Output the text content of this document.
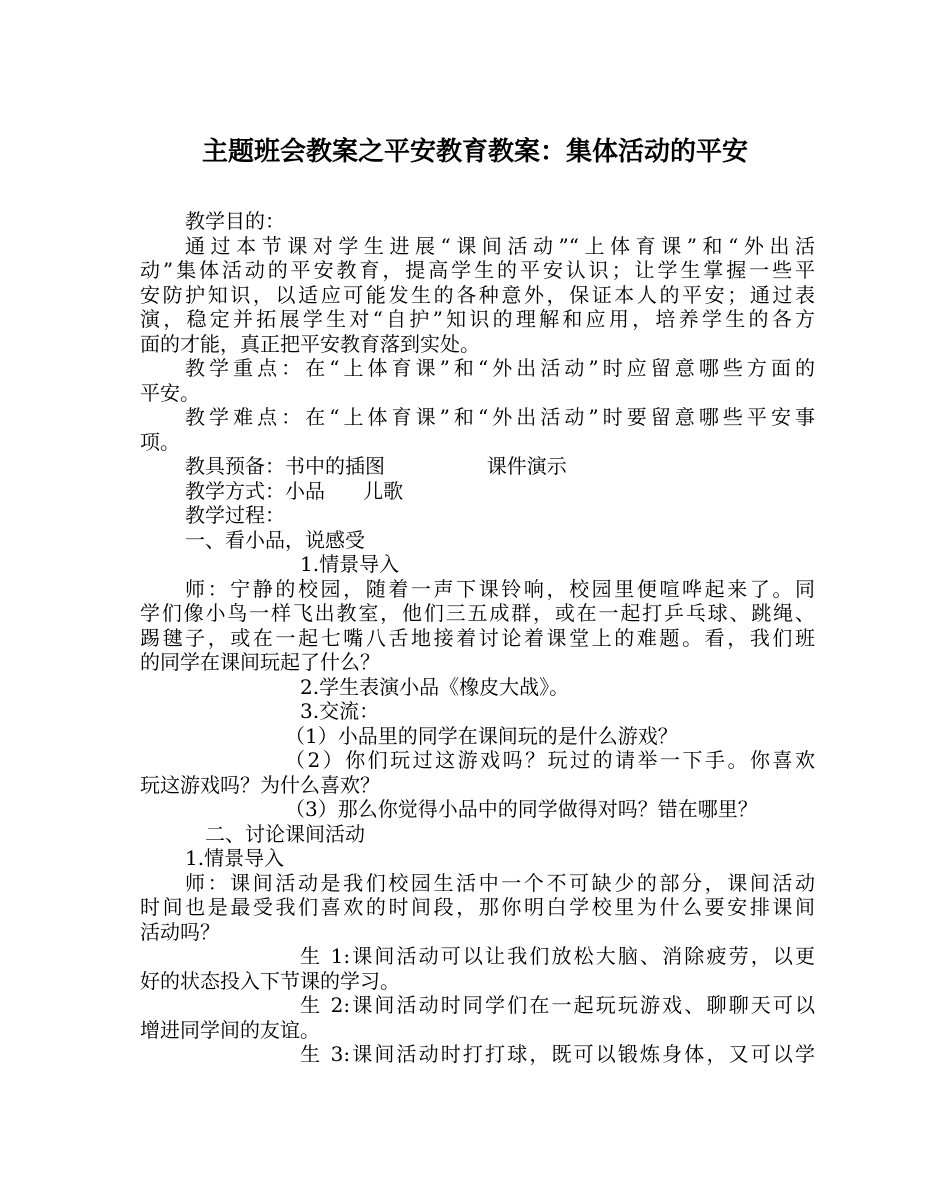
主题班会教案之平安教育教案：集体活动的平安
教学目的：
通过本节课对学生进展“课间活动”“上体育课”和“外出活
动”集体活动的平安教育，提高学生的平安认识；让学生掌握一些平
安防护知识，以适应可能发生的各种意外，保证本人的平安；通过表
演，稳定并拓展学生对“自护”知识的理解和应用，培养学生的各方
面的才能，真正把平安教育落到实处。
教学重点：在“上体育课”和“外出活动”时应留意哪些方面的
平安。
教学难点：在“上体育课”和“外出活动”时要留意哪些平安事
项。
教具预备：书中的插图                课件演示
教学方式：小品      儿歌
教学过程：
一、看小品，说感受
1.情景导入
师：宁静的校园，随着一声下课铃响，校园里便喧哗起来了。同
学们像小鸟一样飞出教室，他们三五成群，或在一起打乒乓球、跳绳、
踢毽子，或在一起七嘴八舌地接着讨论着课堂上的难题。看，我们班
的同学在课间玩起了什么？
2.学生表演小品《橡皮大战》。
3.交流：
（1）小品里的同学在课间玩的是什么游戏？
（2）你们玩过这游戏吗？玩过的请举一下手。你喜欢
玩这游戏吗？为什么喜欢？
（3）那么你觉得小品中的同学做得对吗？错在哪里？
二、讨论课间活动
1.情景导入
师：课间活动是我们校园生活中一个不可缺少的部分，课间活动
时间也是最受我们喜欢的时间段，那你明白学校里为什么要安排课间
活动吗？
生 1:课间活动可以让我们放松大脑、消除疲劳，以更
好的状态投入下节课的学习。
生 2:课间活动时同学们在一起玩玩游戏、聊聊天可以
增进同学间的友谊。
生 3:课间活动时打打球，既可以锻炼身体，又可以学
